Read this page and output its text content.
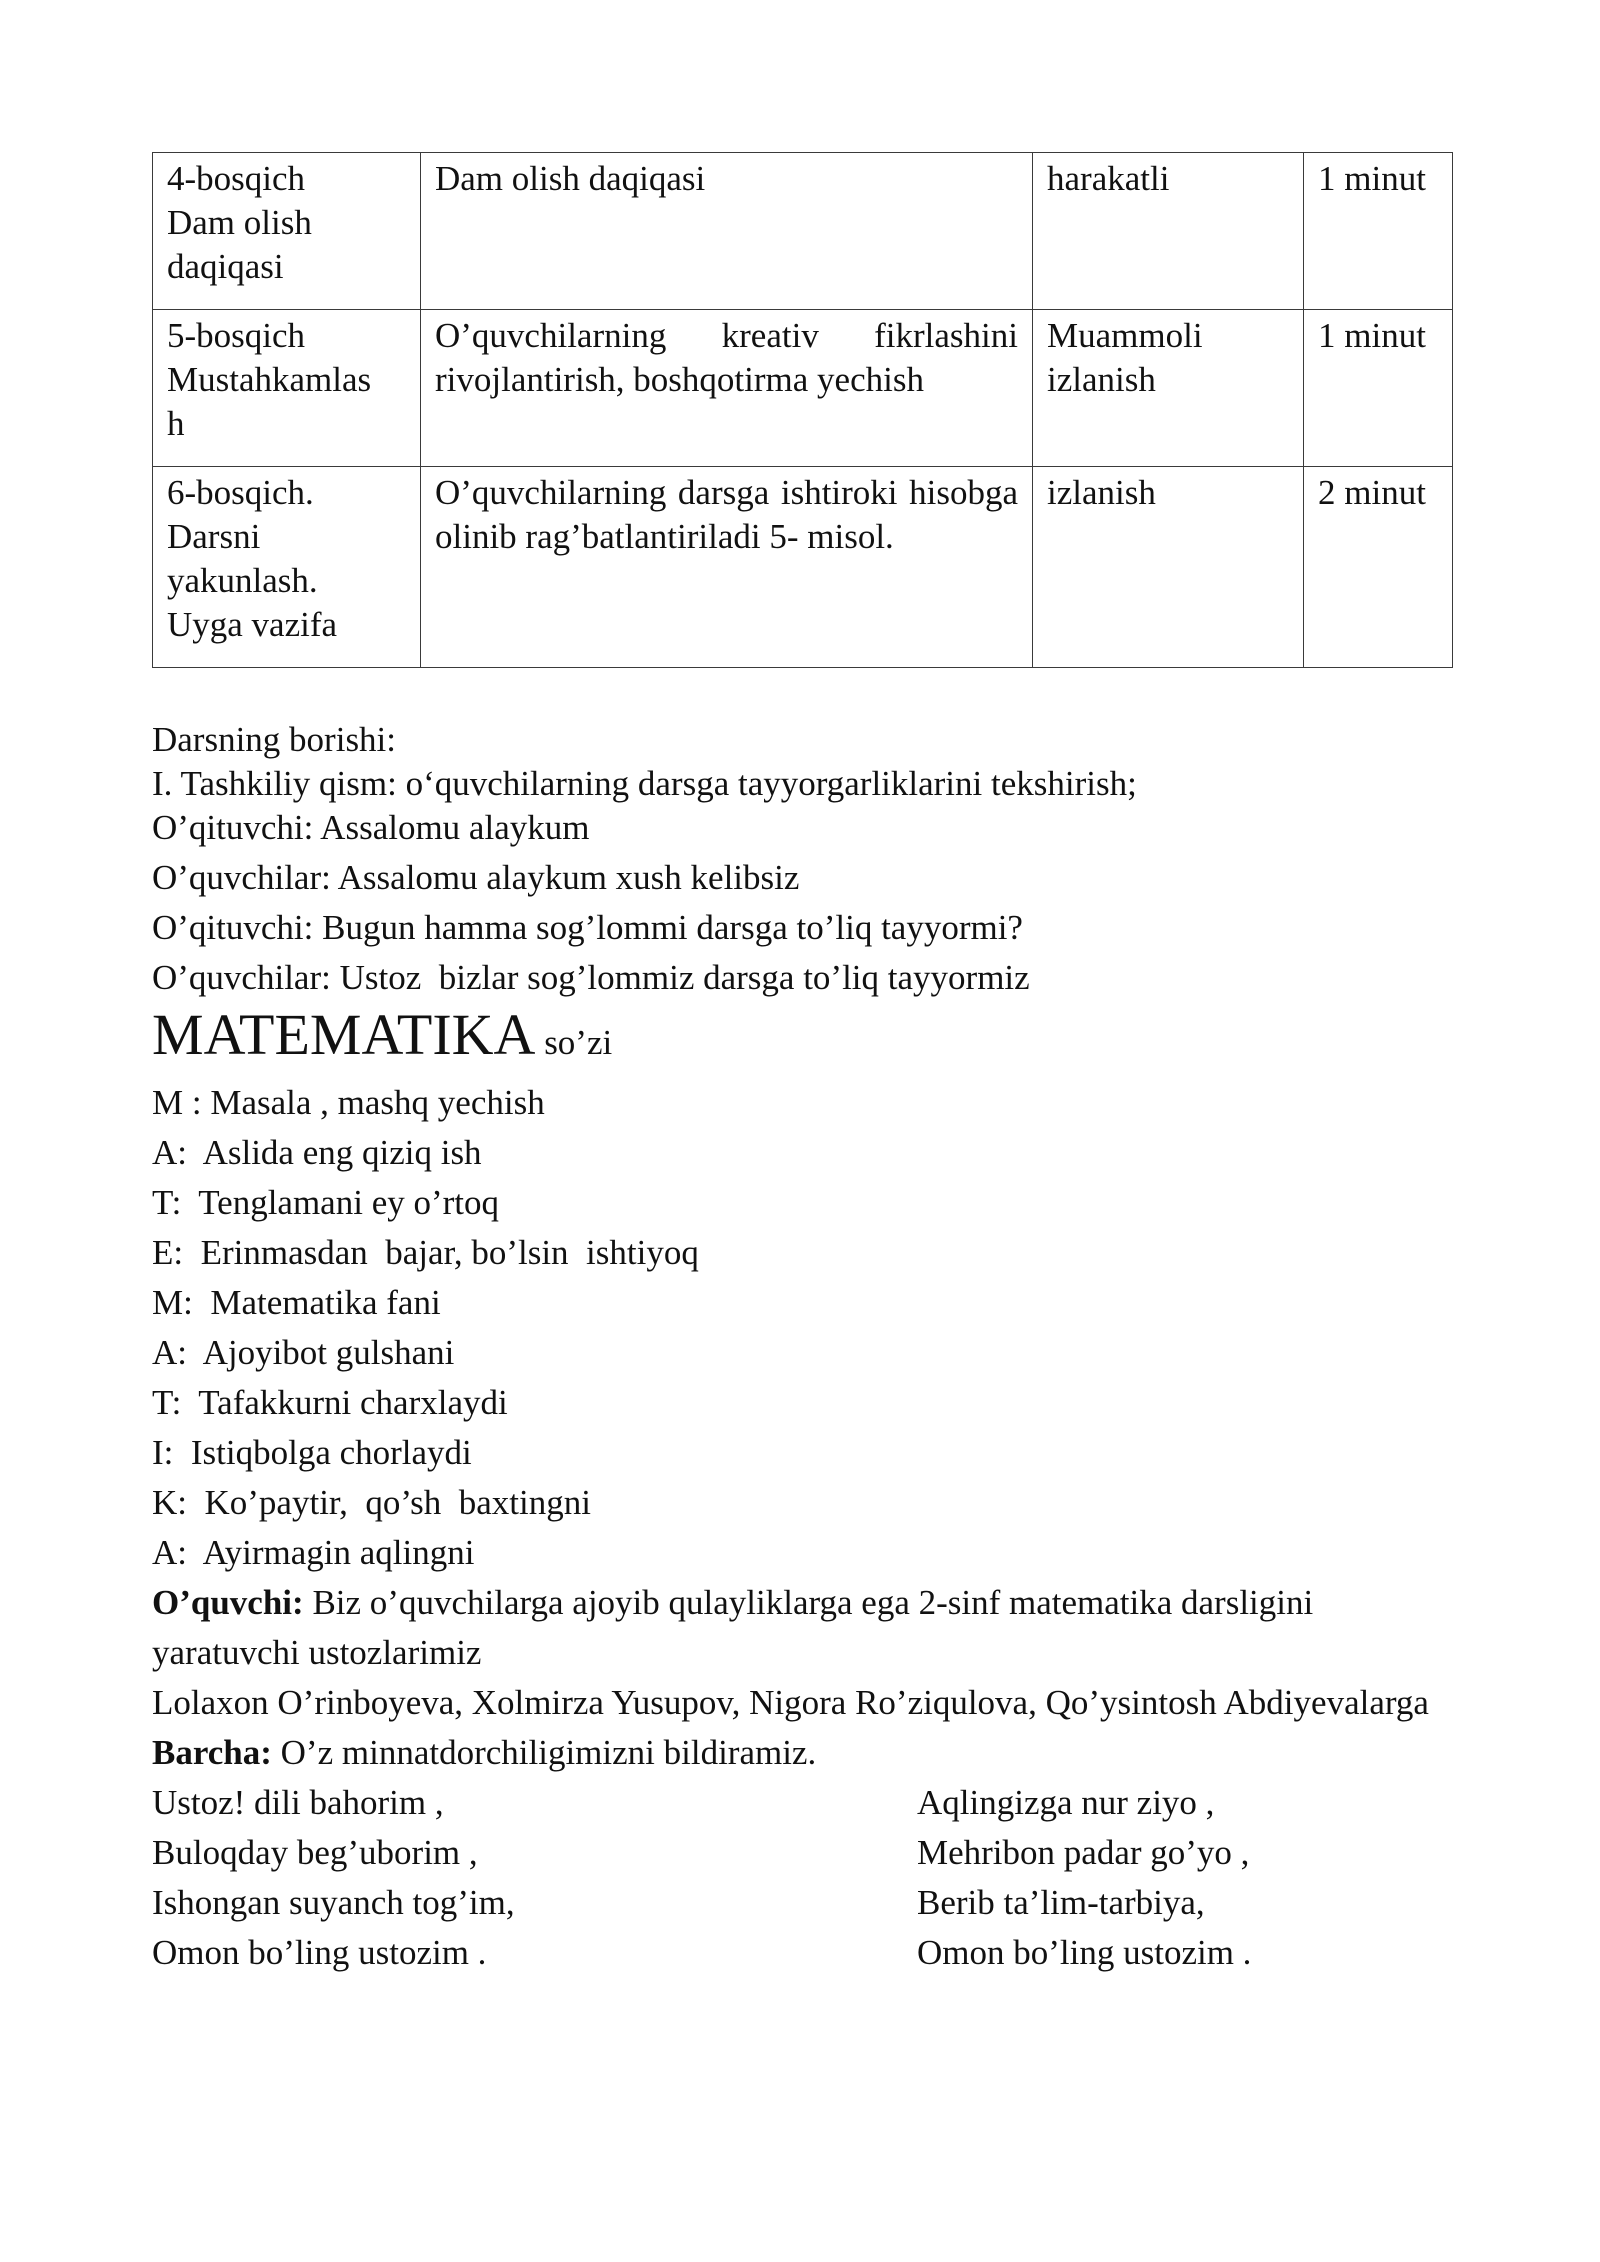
4-bosqich
Dam olish
daqiqasi	Dam olish daqiqasi	harakatli	1 minut

5-bosqich
Mustahkamlas
h	O’quvchilarning kreativ fikrlashini rivojlantirish, boshqotirma yechish	Muammoli izlanish	1 minut

6-bosqich.
Darsni
yakunlash.
Uyga vazifa	O’quvchilarning darsga ishtiroki hisobga olinib rag’batlantiriladi 5- misol.	izlanish	2 minut
Darsning borishi:
I. Tashkiliy qism: o‘quvchilarning darsga tayyorgarliklarini tekshirish;
O’qituvchi: Assalomu alaykum
O’quvchilar: Assalomu alaykum xush kelibsiz
O’qituvchi: Bugun hamma sog’lommi darsga to’liq tayyormi?
O’quvchilar: Ustoz  bizlar sog’lommiz darsga to’liq tayyormiz
MATEMATIKA so’zi
M : Masala , mashq yechish
A:  Aslida eng qiziq ish
T:  Tenglamani ey o’rtoq
E:  Erinmasdan  bajar, bo’lsin  ishtiyoq
M:  Matematika fani
A:  Ajoyibot gulshani
T:  Tafakkurni charxlaydi
I:  Istiqbolga chorlaydi
K:  Ko’paytir,  qo’sh  baxtingni
A:  Ayirmagin aqlingni
O’quvchi: Biz o’quvchilarga ajoyib qulayliklarga ega 2-sinf matematika darsligini yaratuvchi ustozlarimiz
Lolaxon O’rinboyeva, Xolmirza Yusupov, Nigora Ro’ziqulova, Qo’ysintosh Abdiyevalarga
Barcha: O’z minnatdorchiligimizni bildiramiz.
Ustoz! dili bahorim ,
Buloqday beg’uborim ,
Ishongan suyanch tog’im,
Omon bo’ling ustozim .
Aqlingizga nur ziyo ,
Mehribon padar go’yo ,
Berib ta’lim-tarbiya,
Omon bo’ling ustozim .
